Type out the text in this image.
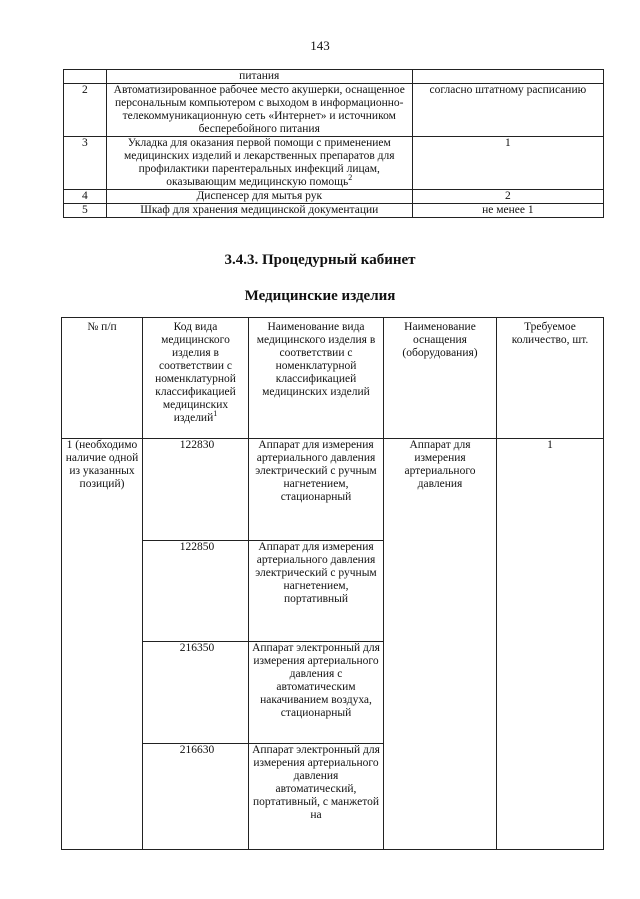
143
	питания	
2	Автоматизированное рабочее место акушерки, оснащенное персональным компьютером с выходом в информационно-телекоммуникационную сеть «Интернет» и источником бесперебойного питания	согласно штатному расписанию
3	Укладка для оказания первой помощи с применением медицинских изделий и лекарственных препаратов для профилактики парентеральных инфекций лицам, оказывающим медицинскую помощь$^2$	1
4	Диспенсер для мытья рук	2
5	Шкаф для хранения медицинской документации	не менее 1
3.4.3. Процедурный кабинет
Медицинские изделия
№ п/п	Код вида медицинского изделия в соответствии с номенклатурной классификацией медицинских изделий$^1$	Наименование вида медицинского изделия в соответствии с номенклатурной классификацией медицинских изделий	Наименование оснащения (оборудования)	Требуемое количество, шт.
1 (необходимо наличие одной из указанных позиций)	122830	Аппарат для измерения артериального давления электрический с ручным нагнетением, стационарный	Аппарат для измерения артериального давления	1
	122850	Аппарат для измерения артериального давления электрический с ручным нагнетением, портативный		
	216350	Аппарат электронный для измерения артериального давления с автоматическим накачиванием воздуха, стационарный		
	216630	Аппарат электронный для измерения артериального давления автоматический, портативный, с манжетой на		
